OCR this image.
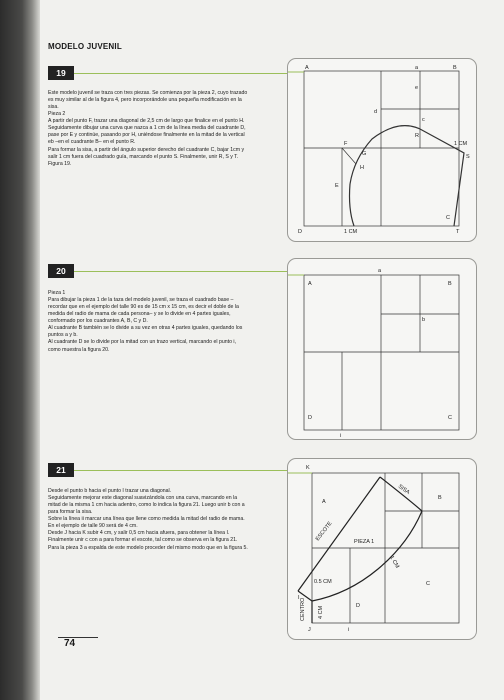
MODELO JUVENIL
19
Este modelo juvenil se traza con tres piezas. Se comienza por la pieza 2, cuyo trazado es muy similar al de la figura 4, pero incorporándole una pequeña modificación en la sisa.
Pieza 2
A partir del punto F, trazar una diagonal de 2,5 cm de largo que finalice en el punto H. Seguidamente dibujar una curva que nazca a 1 cm de la línea media del cuadrante D, pase por E y continúe, pasando por H, uniéndose finalmente en la mitad de la vertical eb –en el cuadrante B– en el punto R.
Para formar la sisa, a partir del ángulo superior derecho del cuadrante C, bajar 1cm y salir 1 cm fuera del cuadrado guía, marcando el punto S. Finalmente, unir R, S y T. Figura 19.
A	a	B
c
d
e
F
G
H
E
R
S
1 CM
1 CM
D
C
T
20
Pieza 1
Para dibujar la pieza 1 de la taza del modelo juvenil, se traza el cuadrado base –recordar que en el ejemplo del talle 90 es de 15 cm x 15 cm, es decir el doble de la medida del radio de mama de cada persona– y se lo divide en 4 partes iguales, conformado por los cuadrantes A, B, C y D.
Al cuadrante B también se lo divide a su vez en otras 4 partes iguales, quedando los puntos a y b.
Al cuadrante D se lo divide por la mitad con un trazo vertical, marcando el punto i, como muestra la figura 20.
a
A	B
b
D	C
i
21
Desde el punto b hacia el punto I trazar una diagonal.
Seguidamente mejorar este diagonal suavizándola con una curva, marcando en la mitad de la misma 1 cm hacia adentro, como lo indica la figura 21. Luego unir b con a para formar la sisa.
Sobre la línea ii marcar una línea que llene como medida la mitad del radio de mama. En el ejemplo de talle 90 será de 4 cm.
Desde J hacia K subir 4 cm, y salir 0,5 cm hacia afuera, para obtener la línea I. Finalmente unir c con a para formar el escote, tal como se observa en la figura 21.
Para la pieza 3 a espalda de este modelo proceder del mismo modo que en la figura 5.
K
A
B
SISA
ESCOTE	PIEZA 1
1 CM
C
D
0.5 CM
4 CM
CENTRO
J	i
I
74
